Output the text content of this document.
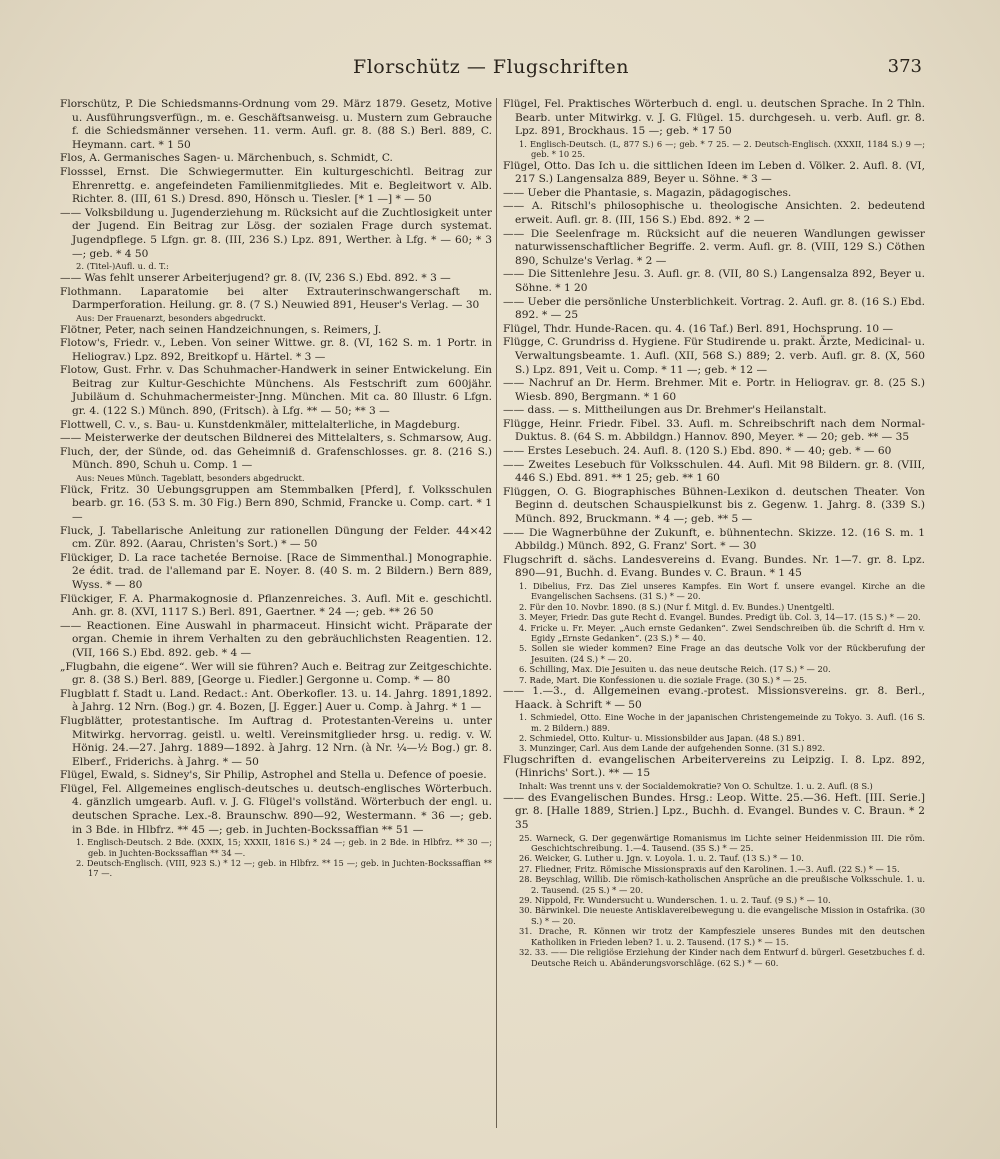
Florschütz — Flugschriften	373

Florschütz, P. Die Schiedsmanns-Ordnung vom 29. März 1879. Gesetz, Motive u. Ausführungsverfügn., m. e. Geschäftsanweisg. u. Mustern zum Gebrauche f. die Schiedsmänner versehen. 11. verm. Aufl. gr. 8. (88 S.) Berl. 889, C. Heymann. cart. * 1 50

Flos, A. Germanisches Sagen- u. Märchenbuch, s. Schmidt, C.

Flosssel, Ernst. Die Schwiegermutter. Ein kulturgeschichtl. Beitrag zur Ehrenrettg. e. angefeindeten Familienmitgliedes. Mit e. Begleitwort v. Alb. Richter. 8. (III, 61 S.) Dresd. 890, Hönsch u. Tiesler. [* 1 —] * — 50

—— Volksbildung u. Jugenderziehung m. Rücksicht auf die Zuchtlosigkeit unter der Jugend. Ein Beitrag zur Lösg. der sozialen Frage durch systemat. Jugendpflege. 5 Lfgn. gr. 8. (III, 236 S.) Lpz. 891, Werther. à Lfg. * — 60; * 3 —; geb. * 4 50

2. (Titel-)Aufl. u. d. T.:

—— Was fehlt unserer Arbeiterjugend? gr. 8. (IV, 236 S.) Ebd. 892. * 3 —

Flothmann. Laparatomie bei alter Extrauterinschwangerschaft m. Darmperforation. Heilung. gr. 8. (7 S.) Neuwied 891, Heuser's Verlag. — 30

Aus: Der Frauenarzt, besonders abgedruckt.

Flötner, Peter, nach seinen Handzeichnungen, s. Reimers, J.

Flotow's, Friedr. v., Leben. Von seiner Wittwe. gr. 8. (VI, 162 S. m. 1 Portr. in Heliograv.) Lpz. 892, Breitkopf u. Härtel. * 3 —

Flotow, Gust. Frhr. v. Das Schuhmacher-Handwerk in seiner Entwickelung. Ein Beitrag zur Kultur-Geschichte Münchens. Als Festschrift zum 600jähr. Jubiläum d. Schuhmachermeister-Jnng. München. Mit ca. 80 Illustr. 6 Lfgn. gr. 4. (122 S.) Münch. 890, (Fritsch). à Lfg. ** — 50; ** 3 —

Flottwell, C. v., s. Bau- u. Kunstdenkmäler, mittelalterliche, in Magdeburg.

—— Meisterwerke der deutschen Bildnerei des Mittelalters, s. Schmarsow, Aug.

Fluch, der, der Sünde, od. das Geheimniß d. Grafenschlosses. gr. 8. (216 S.) Münch. 890, Schuh u. Comp. 1 —

Aus: Neues Münch. Tageblatt, besonders abgedruckt.

Flück, Fritz. 30 Uebungsgruppen am Stemmbalken [Pferd], f. Volksschulen bearb. gr. 16. (53 S. m. 30 Fig.) Bern 890, Schmid, Francke u. Comp. cart. * 1 —

Fluck, J. Tabellarische Anleitung zur rationellen Düngung der Felder. 44×42 cm. Zür. 892. (Aarau, Christen's Sort.) * — 50

Flückiger, D. La race tachetée Bernoise. [Race de Simmenthal.] Monographie. 2e édit. trad. de l'allemand par E. Noyer. 8. (40 S. m. 2 Bildern.) Bern 889, Wyss. * — 80

Flückiger, F. A. Pharmakognosie d. Pflanzenreiches. 3. Aufl. Mit e. geschichtl. Anh. gr. 8. (XVI, 1117 S.) Berl. 891, Gaertner. * 24 —; geb. ** 26 50

—— Reactionen. Eine Auswahl in pharmaceut. Hinsicht wicht. Präparate der organ. Chemie in ihrem Verhalten zu den gebräuchlichsten Reagentien. 12. (VII, 166 S.) Ebd. 892. geb. * 4 —

„Flugbahn, die eigene“. Wer will sie führen? Auch e. Beitrag zur Zeitgeschichte. gr. 8. (38 S.) Berl. 889, [George u. Fiedler.] Gergonne u. Comp. * — 80

Flugblatt f. Stadt u. Land. Redact.: Ant. Oberkofler. 13. u. 14. Jahrg. 1891,1892. à Jahrg. 12 Nrn. (Bog.) gr. 4. Bozen, [J. Egger.] Auer u. Comp. à Jahrg. * 1 —

Flugblätter, protestantische. Im Auftrag d. Protestanten-Vereins u. unter Mitwirkg. hervorrag. geistl. u. weltl. Vereinsmitglieder hrsg. u. redig. v. W. Hönig. 24.—27. Jahrg. 1889—1892. à Jahrg. 12 Nrn. (à Nr. ¼—½ Bog.) gr. 8. Elberf., Friderichs. à Jahrg. * — 50

Flügel, Ewald, s. Sidney's, Sir Philip, Astrophel and Stella u. Defence of poesie.

Flügel, Fel. Allgemeines englisch-deutsches u. deutsch-englisches Wörterbuch. 4. gänzlich umgearb. Aufl. v. J. G. Flügel's vollständ. Wörterbuch der engl. u. deutschen Sprache. Lex.-8. Braunschw. 890—92, Westermann. * 36 —; geb. in 3 Bde. in Hlbfrz. ** 45 —; geb. in Juchten-Bockssaffian ** 51 —

1. Englisch-Deutsch. 2 Bde. (XXIX, 15; XXXII, 1816 S.) * 24 —; geb. in 2 Bde. in Hlbfrz. ** 30 —; geb. in Juchten-Bockssaffian ** 34 —.

2. Deutsch-Englisch. (VIII, 923 S.) * 12 —; geb. in Hlbfrz. ** 15 —; geb. in Juchten-Bockssaffian ** 17 —.

Flügel, Fel. Praktisches Wörterbuch d. engl. u. deutschen Sprache. In 2 Thln. Bearb. unter Mitwirkg. v. J. G. Flügel. 15. durchgeseh. u. verb. Aufl. gr. 8. Lpz. 891, Brockhaus. 15 —; geb. * 17 50

1. Englisch-Deutsch. (L, 877 S.) 6 —; geb. * 7 25. — 2. Deutsch-Englisch. (XXXII, 1184 S.) 9 —; geb. * 10 25.

Flügel, Otto. Das Ich u. die sittlichen Ideen im Leben d. Völker. 2. Aufl. 8. (VI, 217 S.) Langensalza 889, Beyer u. Söhne. * 3 —

—— Ueber die Phantasie, s. Magazin, pädagogisches.

—— A. Ritschl's philosophische u. theologische Ansichten. 2. bedeutend erweit. Aufl. gr. 8. (III, 156 S.) Ebd. 892. * 2 —

—— Die Seelenfrage m. Rücksicht auf die neueren Wandlungen gewisser naturwissenschaftlicher Begriffe. 2. verm. Aufl. gr. 8. (VIII, 129 S.) Cöthen 890, Schulze's Verlag. * 2 —

—— Die Sittenlehre Jesu. 3. Aufl. gr. 8. (VII, 80 S.) Langensalza 892, Beyer u. Söhne. * 1 20

—— Ueber die persönliche Unsterblichkeit. Vortrag. 2. Aufl. gr. 8. (16 S.) Ebd. 892. * — 25

Flügel, Thdr. Hunde-Racen. qu. 4. (16 Taf.) Berl. 891, Hochsprung. 10 —

Flügge, C. Grundriss d. Hygiene. Für Studirende u. prakt. Ärzte, Medicinal- u. Verwaltungsbeamte. 1. Aufl. (XII, 568 S.) 889; 2. verb. Aufl. gr. 8. (X, 560 S.) Lpz. 891, Veit u. Comp. * 11 —; geb. * 12 —

—— Nachruf an Dr. Herm. Brehmer. Mit e. Portr. in Heliograv. gr. 8. (25 S.) Wiesb. 890, Bergmann. * 1 60

—— dass. — s. Mittheilungen aus Dr. Brehmer's Heilanstalt.

Flügge, Heinr. Friedr. Fibel. 33. Aufl. m. Schreibschrift nach dem Normal-Duktus. 8. (64 S. m. Abbildgn.) Hannov. 890, Meyer. * — 20; geb. ** — 35

—— Erstes Lesebuch. 24. Aufl. 8. (120 S.) Ebd. 890. * — 40; geb. * — 60

—— Zweites Lesebuch für Volksschulen. 44. Aufl. Mit 98 Bildern. gr. 8. (VIII, 446 S.) Ebd. 891. ** 1 25; geb. ** 1 60

Flüggen, O. G. Biographisches Bühnen-Lexikon d. deutschen Theater. Von Beginn d. deutschen Schauspielkunst bis z. Gegenw. 1. Jahrg. 8. (339 S.) Münch. 892, Bruckmann. * 4 —; geb. ** 5 —

—— Die Wagnerbühne der Zukunft, e. bühnentechn. Skizze. 12. (16 S. m. 1 Abbildg.) Münch. 892, G. Franz' Sort. * — 30

Flugschrift d. sächs. Landesvereins d. Evang. Bundes. Nr. 1—7. gr. 8. Lpz. 890—91, Buchh. d. Evang. Bundes v. C. Braun. * 1 45

1. Dibelius, Frz. Das Ziel unseres Kampfes. Ein Wort f. unsere evangel. Kirche an die Evangelischen Sachsens. (31 S.) * — 20.

2. Für den 10. Novbr. 1890. (8 S.) (Nur f. Mitgl. d. Ev. Bundes.) Unentgeltl.

3. Meyer, Friedr. Das gute Recht d. Evangel. Bundes. Predigt üb. Col. 3, 14—17. (15 S.) * — 20.

4. Fricke u. Fr. Meyer. „Auch ernste Gedanken“. Zwei Sendschreiben üb. die Schrift d. Hrn v. Egidy „Ernste Gedanken“. (23 S.) * — 40.

5. Sollen sie wieder kommen? Eine Frage an das deutsche Volk vor der Rückberufung der Jesuiten. (24 S.) * — 20.

6. Schilling, Max. Die Jesuiten u. das neue deutsche Reich. (17 S.) * — 20.

7. Rade, Mart. Die Konfessionen u. die soziale Frage. (30 S.) * — 25.

—— 1.—3., d. Allgemeinen evang.-protest. Missionsvereins. gr. 8. Berl., Haack. à Schrift * — 50

1. Schmiedel, Otto. Eine Woche in der japanischen Christengemeinde zu Tokyo. 3. Aufl. (16 S. m. 2 Bildern.) 889.

2. Schmiedel, Otto. Kultur- u. Missionsbilder aus Japan. (48 S.) 891.

3. Munzinger, Carl. Aus dem Lande der aufgehenden Sonne. (31 S.) 892.

Flugschriften d. evangelischen Arbeitervereins zu Leipzig. I. 8. Lpz. 892, (Hinrichs' Sort.). ** — 15

Inhalt: Was trennt uns v. der Socialdemokratie? Von O. Schultze. 1. u. 2. Aufl. (8 S.)

—— des Evangelischen Bundes. Hrsg.: Leop. Witte. 25.—36. Heft. [III. Serie.] gr. 8. [Halle 1889, Strien.] Lpz., Buchh. d. Evangel. Bundes v. C. Braun. * 2 35

25. Warneck, G. Der gegenwärtige Romanismus im Lichte seiner Heidenmission III. Die röm. Geschichtschreibung. 1.—4. Tausend. (35 S.) * — 25.

26. Weicker, G. Luther u. Jgn. v. Loyola. 1. u. 2. Tauf. (13 S.) * — 10.

27. Fliedner, Fritz. Römische Missionspraxis auf den Karolinen. 1.—3. Aufl. (22 S.) * — 15.

28. Beyschlag, Willib. Die römisch-katholischen Ansprüche an die preußische Volksschule. 1. u. 2. Tausend. (25 S.) * — 20.

29. Nippold, Fr. Wundersucht u. Wunderschen. 1. u. 2. Tauf. (9 S.) * — 10.

30. Bärwinkel. Die neueste Antisklavereibewegung u. die evangelische Mission in Ostafrika. (30 S.) * — 20.

31. Drache, R. Können wir trotz der Kampfesziele unseres Bundes mit den deutschen Katholiken in Frieden leben? 1. u. 2. Tausend. (17 S.) * — 15.

32. 33. —— Die religiöse Erziehung der Kinder nach dem Entwurf d. bürgerl. Gesetzbuches f. d. Deutsche Reich u. Abänderungsvorschläge. (62 S.) * — 60.
